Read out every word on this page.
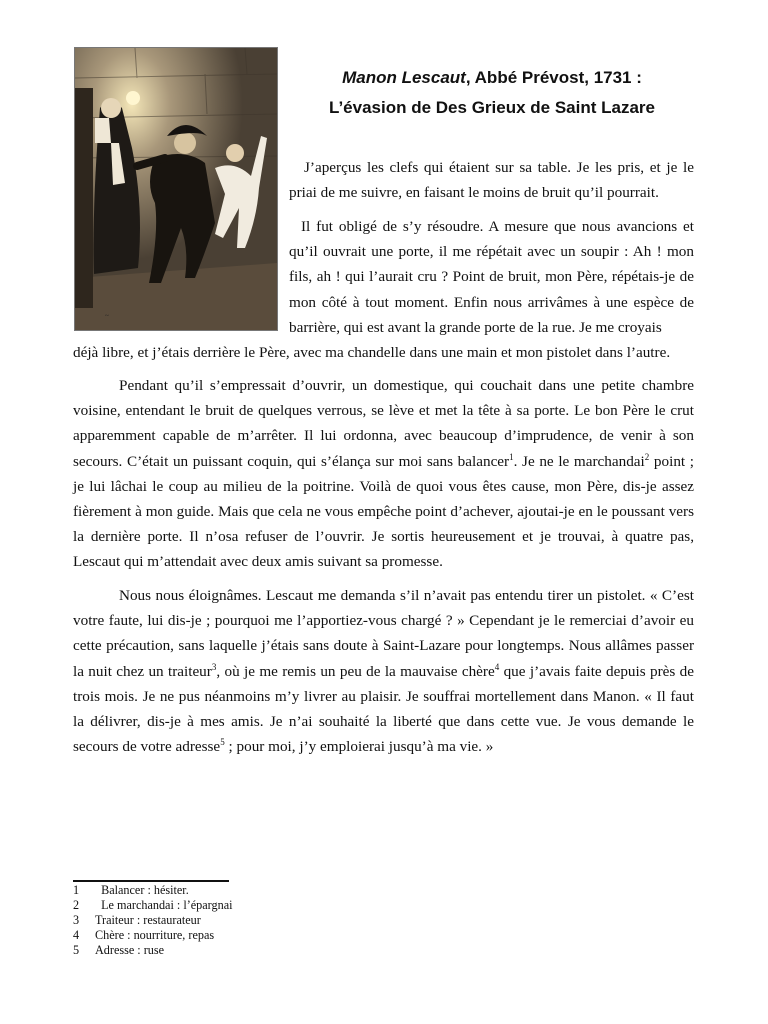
~
Manon Lescaut, Abbé Prévost, 1731 :
L’évasion de Des Grieux de Saint Lazare

J’aperçus les clefs qui étaient sur sa table. Je les pris, et je le priai de me suivre, en faisant le moins de bruit qu’il pourrait.

Il fut obligé de s’y résoudre. A mesure que nous avancions et qu’il ouvrait une porte, il me répétait avec un soupir : Ah ! mon fils, ah ! qui l’aurait cru ? Point de bruit, mon Père, répétais-je de mon côté à tout moment. Enfin nous arrivâmes à une espèce de barrière, qui est avant la grande porte de la rue. Je me croyais

déjà libre, et j’étais derrière le Père, avec ma chandelle dans une main et mon pistolet dans l’autre.

Pendant qu’il s’empressait d’ouvrir, un domestique, qui couchait dans une petite chambre voisine, entendant le bruit de quelques verrous, se lève et met la tête à sa porte. Le bon Père le crut apparemment capable de m’arrêter. Il lui ordonna, avec beaucoup d’imprudence, de venir à son secours. C’était un puissant coquin, qui s’élança sur moi sans balancer$^1$. Je ne le marchandai$^2$ point ; je lui lâchai le coup au milieu de la poitrine. Voilà de quoi vous êtes cause, mon Père, dis-je assez fièrement à mon guide. Mais que cela ne vous empêche point d’achever, ajoutai-je en le poussant vers la dernière porte. Il n’osa refuser de l’ouvrir. Je sortis heureusement et je trouvai, à quatre pas, Lescaut qui m’attendait avec deux amis suivant sa promesse.

Nous nous éloignâmes. Lescaut me demanda s’il n’avait pas entendu tirer un pistolet. « C’est votre faute, lui dis-je ; pourquoi me l’apportiez-vous chargé ? » Cependant je le remerciai d’avoir eu cette précaution, sans laquelle j’étais sans doute à Saint-Lazare pour longtemps. Nous allâmes passer la nuit chez un traiteur$^3$, où je me remis un peu de la mauvaise chère$^4$ que j’avais faite depuis près de trois mois. Je ne pus néanmoins m’y livrer au plaisir. Je souffrai mortellement dans Manon. « Il faut la délivrer, dis-je à mes amis. Je n’ai souhaité la liberté que dans cette vue. Je vous demande le secours de votre adresse$^5$ ; pour moi, j’y emploierai jusqu’à ma vie. »

1  Balancer : hésiter.
2  Le marchandai : l’épargnai
3 Traiteur : restaurateur
4 Chère : nourriture, repas
5 Adresse : ruse
